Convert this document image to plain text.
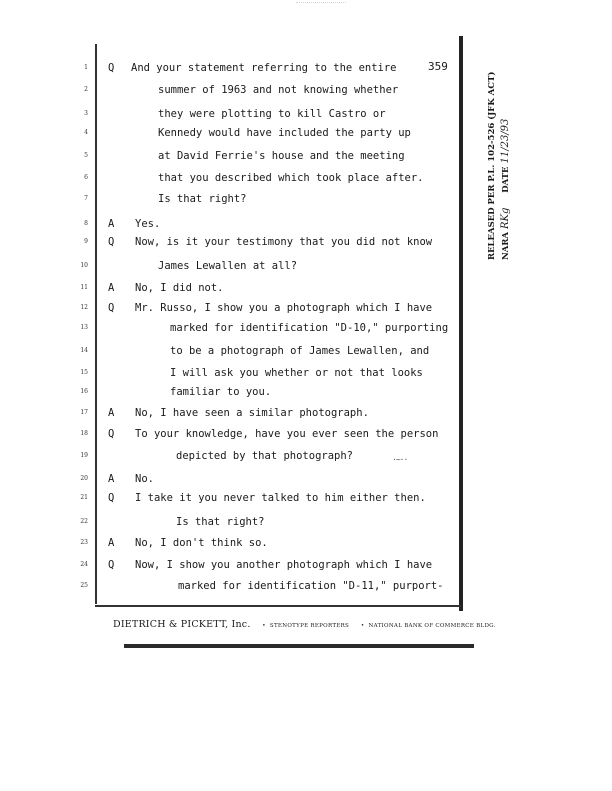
359
1 Q And your statement referring to the entire
2	summer of 1963 and not knowing whether
3	they were plotting to kill Castro or
4	Kennedy would have included the party up
5	at David Ferrie's house and the meeting
6	that you described which took place after.
7	Is that right?
8 A Yes.
9 Q Now, is it your testimony that you did not know
10	James Lewallen at all?
11 A No, I did not.
12 Q Mr. Russo, I show you a photograph which I have
13	marked for identification "D-10," purporting
14	to be a photograph of James Lewallen, and
15	I will ask you whether or not that looks
16	familiar to you.
17 A No, I have seen a similar photograph.
18 Q To your knowledge, have you ever seen the person
19	depicted by that photograph?
20 A No.
21 Q I take it you never talked to him either then.
22	Is that right?
23 A No, I don't think so.
24 Q Now, I show you another photograph which I have
25	marked for identification "D-11," purport-
·~··
DIETRICH & PICKETT, Inc.  •  STENOTYPE REPORTERS  •  NATIONAL BANK OF COMMERCE BLDG.
RELEASED PER P.L. 102-526 (JFK ACT) NARA RKg     DATE 11/23/93
